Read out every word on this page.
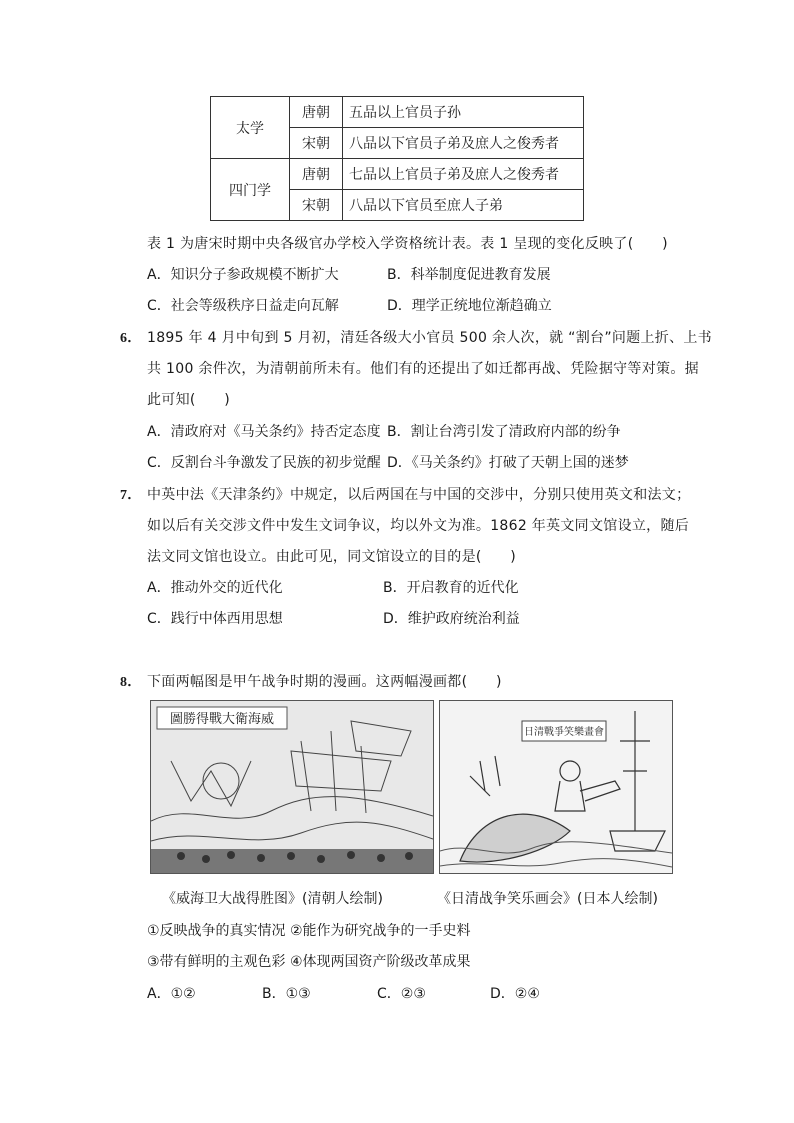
太学	唐朝	五品以上官员子孙
	宋朝	八品以下官员子弟及庶人之俊秀者
四门学	唐朝	七品以上官员子弟及庶人之俊秀者
	宋朝	八品以下官员至庶人子弟
表 1 为唐宋时期中央各级官办学校入学资格统计表。表 1 呈现的变化反映了(　　)
A．知识分子参政规模不断扩大	B．科举制度促进教育发展
C．社会等级秩序日益走向瓦解	D．理学正统地位渐趋确立
6． 1895 年 4 月中旬到 5 月初，清廷各级大小官员 500 余人次，就 “割台”问题上折、上书
共 100 余件次，为清朝前所未有。他们有的还提出了如迁都再战、凭险据守等对策。据
此可知(　　)
A．清政府对《马关条约》持否定态度 B．割让台湾引发了清政府内部的纷争
C．反割台斗争激发了民族的初步觉醒 D．《马关条约》打破了天朝上国的迷梦
7． 中英中法《天津条约》中规定，以后两国在与中国的交涉中，分别只使用英文和法文；
如以后有关交涉文件中发生文词争议，均以外文为准。1862 年英文同文馆设立，随后
法文同文馆也设立。由此可见，同文馆设立的目的是(　　)
A．推动外交的近代化	B．开启教育的近代化
C．践行中体西用思想	D．维护政府统治利益
8． 下面两幅图是甲午战争时期的漫画。这两幅漫画都(　　)
圖勝得戰大衛海威
日清戰爭笑樂畫會
《威海卫大战得胜图》(清朝人绘制)	《日清战争笑乐画会》(日本人绘制)
①反映战争的真实情况 ②能作为研究战争的一手史料
③带有鲜明的主观色彩 ④体现两国资产阶级改革成果
A．①②	B．①③	C．②③	D．②④
